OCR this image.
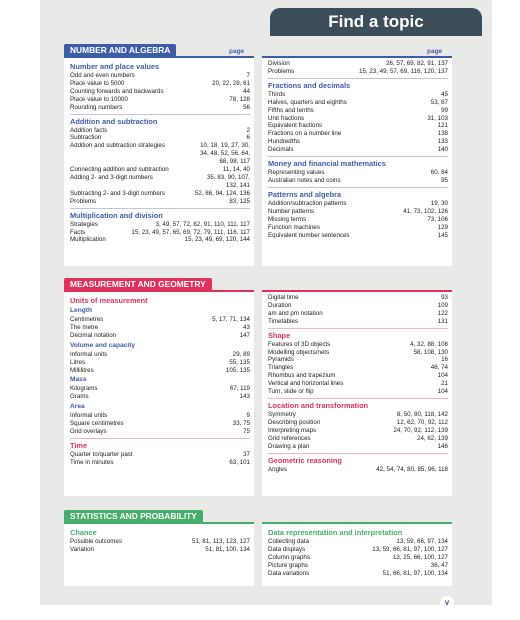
Find a topic
NUMBER AND ALGEBRA	page	page
Number and place values
Odd and even numbers	7
Place value to 5000	20, 22, 28, 61
Counting forwards and backwards	44
Place value to 10000	78, 128
Rounding numbers	56
Addition and subtraction
Addition facts	2
Subtraction	6
Addition and subtraction strategies	10, 18, 19, 27, 30,
34, 48, 52, 56, 64,
68, 98, 117
Connecting addition and subtraction	11, 14, 40
Adding 2- and 3-digit numbers	35, 83, 90, 107,
132, 141
Subtracting 2- and 3-digit numbers	52, 86, 94, 124, 136
Problems	83, 125
Multiplication and division
Strategies	3, 49, 57, 72, 82, 91, 110, 111, 117
Facts	15, 23, 49, 57, 65, 69, 72, 79, 111, 116, 117
Multiplication	15, 23, 49, 69, 120, 144
Division	26, 57, 69, 82, 91, 137
Problems	15, 23, 49, 57, 69, 116, 120, 137
Fractions and decimals
Thirds	45
Halves, quarters and eighths	53, 87
Fifths and tenths	99
Unit fractions	31, 103
Equivalent fractions	121
Fractions on a number line	138
Hundredths	133
Decimals	140
Money and financial mathematics
Representing values	60, 84
Australian notes and coins	95
Patterns and algebra
Addition/subtraction patterns	19, 30
Number patterns	41, 73, 102, 126
Missing terms	73, 106
Function machines	129
Equivalent number sentences	145
MEASUREMENT AND GEOMETRY
Units of measurement
Length
Centimetres	5, 17, 71, 134
The metre	43
Decimal notation	147
Volume and capacity
Informal units	29, 89
Litres	55, 135
Millilitres	105, 135
Mass
Kilograms	67, 119
Grams	143
Area
Informal units	9
Square centimetres	33, 75
Grid overlays	75
Time
Quarter to/quarter past	37
Time in minutes	63, 101
Digital time	93
Duration	109
am and pm notation	122
Timetables	131
Shape
Features of 3D objects	4, 32, 88, 108
Modelling objects/nets	58, 108, 130
Pyramids	16
Triangles	46, 74
Rhombus and trapezium	104
Vertical and horizontal lines	21
Turn, slide or flip	104
Location and transformation
Symmetry	8, 50, 80, 118, 142
Describing position	12, 62, 70, 92, 112
Interpreting maps	24, 70, 92, 112, 139
Grid references	24, 62, 139
Drawing a plan	146
Geometric reasoning
Angles	42, 54, 74, 80, 85, 96, 118
STATISTICS AND PROBABILITY
Chance
Possible outcomes	51, 81, 113, 123, 127
Variation	51, 81, 100, 134
Data representation and interpretation
Collecting data	13, 59, 66, 97, 134
Data displays	13, 59, 66, 81, 97, 100, 127
Column graphs	13, 25, 66, 100, 127
Picture graphs	36, 47
Data variations	51, 66, 81, 97, 100, 134
v
